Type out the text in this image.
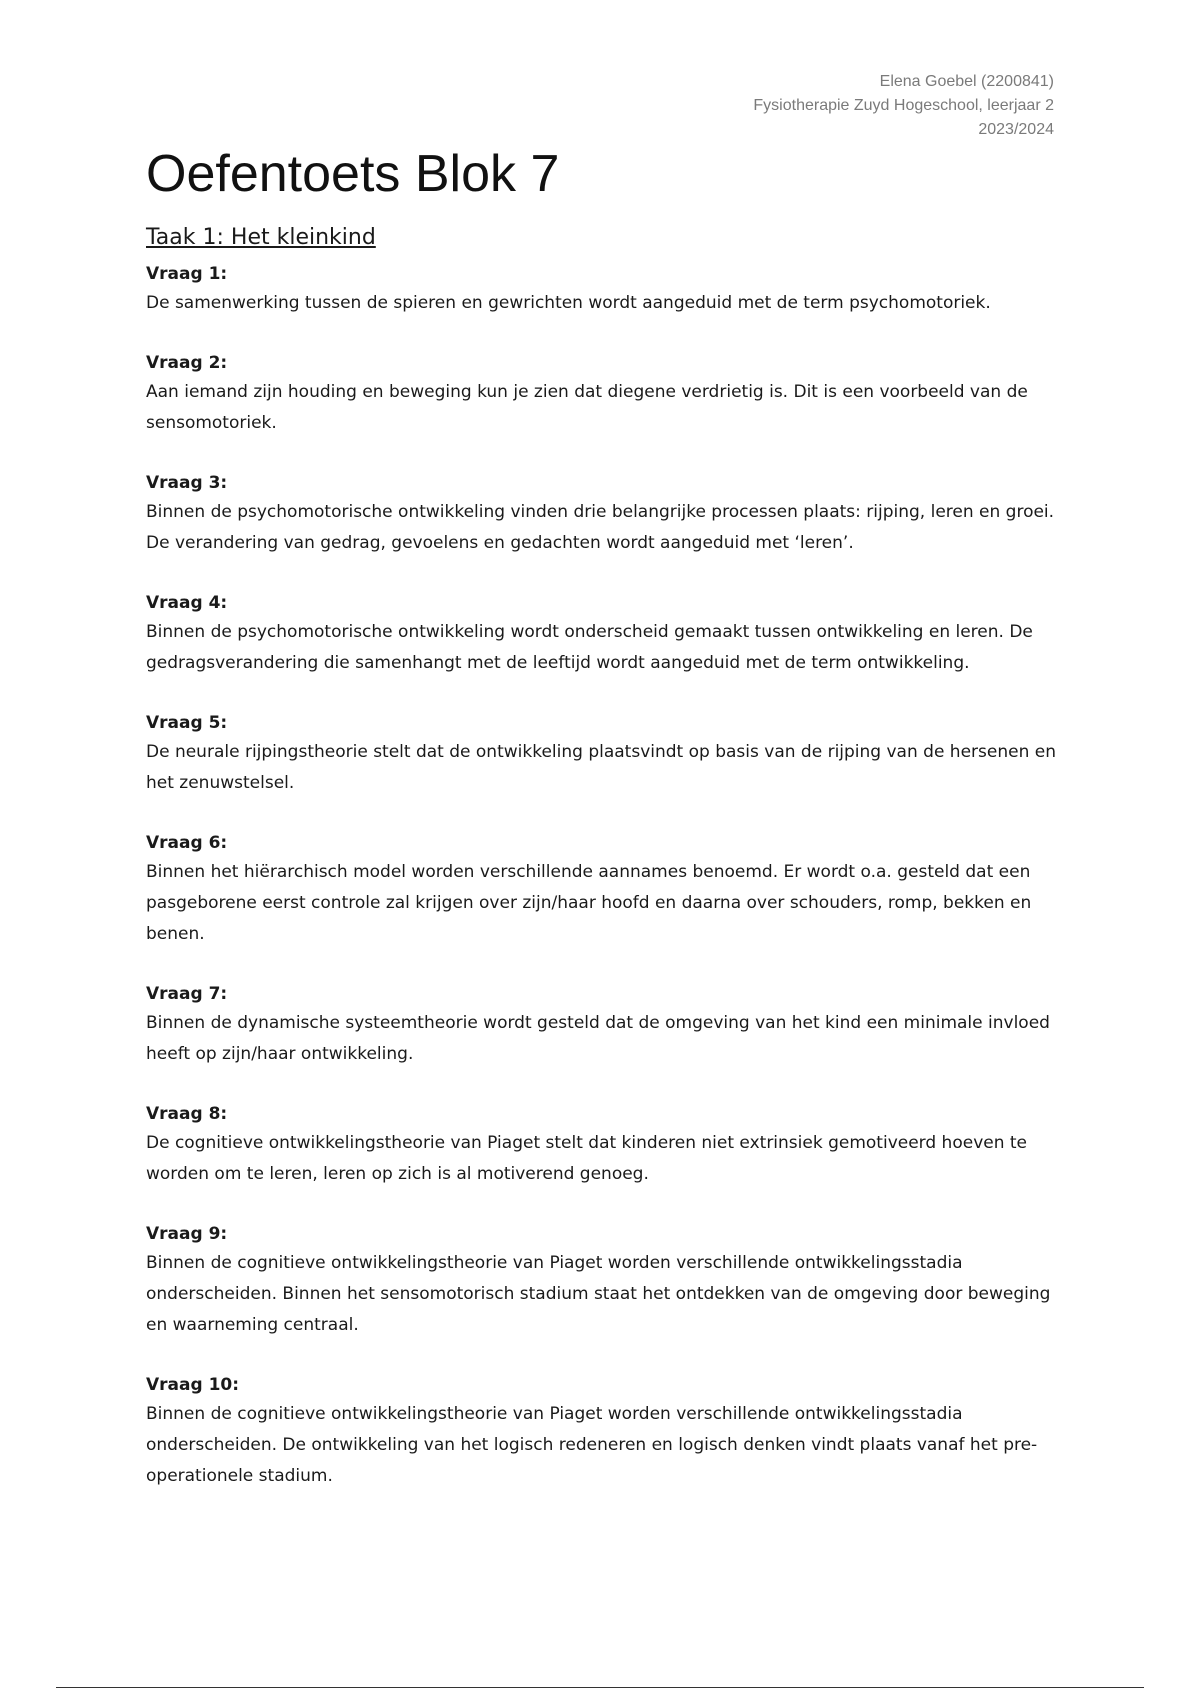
Elena Goebel (2200841)
Fysiotherapie Zuyd Hogeschool, leerjaar 2
2023/2024
Oefentoets Blok 7
Taak 1: Het kleinkind

Vraag 1:

De samenwerking tussen de spieren en gewrichten wordt aangeduid met de term psychomotoriek.

Vraag 2:

Aan iemand zijn houding en beweging kun je zien dat diegene verdrietig is. Dit is een voorbeeld van de sensomotoriek.

Vraag 3:

Binnen de psychomotorische ontwikkeling vinden drie belangrijke processen plaats: rijping, leren en groei. De verandering van gedrag, gevoelens en gedachten wordt aangeduid met ‘leren’.

Vraag 4:

Binnen de psychomotorische ontwikkeling wordt onderscheid gemaakt tussen ontwikkeling en leren. De gedragsverandering die samenhangt met de leeftijd wordt aangeduid met de term ontwikkeling.

Vraag 5:

De neurale rijpingstheorie stelt dat de ontwikkeling plaatsvindt op basis van de rijping van de hersenen en het zenuwstelsel.

Vraag 6:

Binnen het hiërarchisch model worden verschillende aannames benoemd. Er wordt o.a. gesteld dat een pasgeborene eerst controle zal krijgen over zijn/haar hoofd en daarna over schouders, romp, bekken en benen.

Vraag 7:

Binnen de dynamische systeemtheorie wordt gesteld dat de omgeving van het kind een minimale invloed heeft op zijn/haar ontwikkeling.

Vraag 8:

De cognitieve ontwikkelingstheorie van Piaget stelt dat kinderen niet extrinsiek gemotiveerd hoeven te worden om te leren, leren op zich is al motiverend genoeg.

Vraag 9:

Binnen de cognitieve ontwikkelingstheorie van Piaget worden verschillende ontwikkelingsstadia onderscheiden. Binnen het sensomotorisch stadium staat het ontdekken van de omgeving door beweging en waarneming centraal.

Vraag 10:

Binnen de cognitieve ontwikkelingstheorie van Piaget worden verschillende ontwikkelingsstadia onderscheiden. De ontwikkeling van het logisch redeneren en logisch denken vindt plaats vanaf het pre-operationele stadium.
